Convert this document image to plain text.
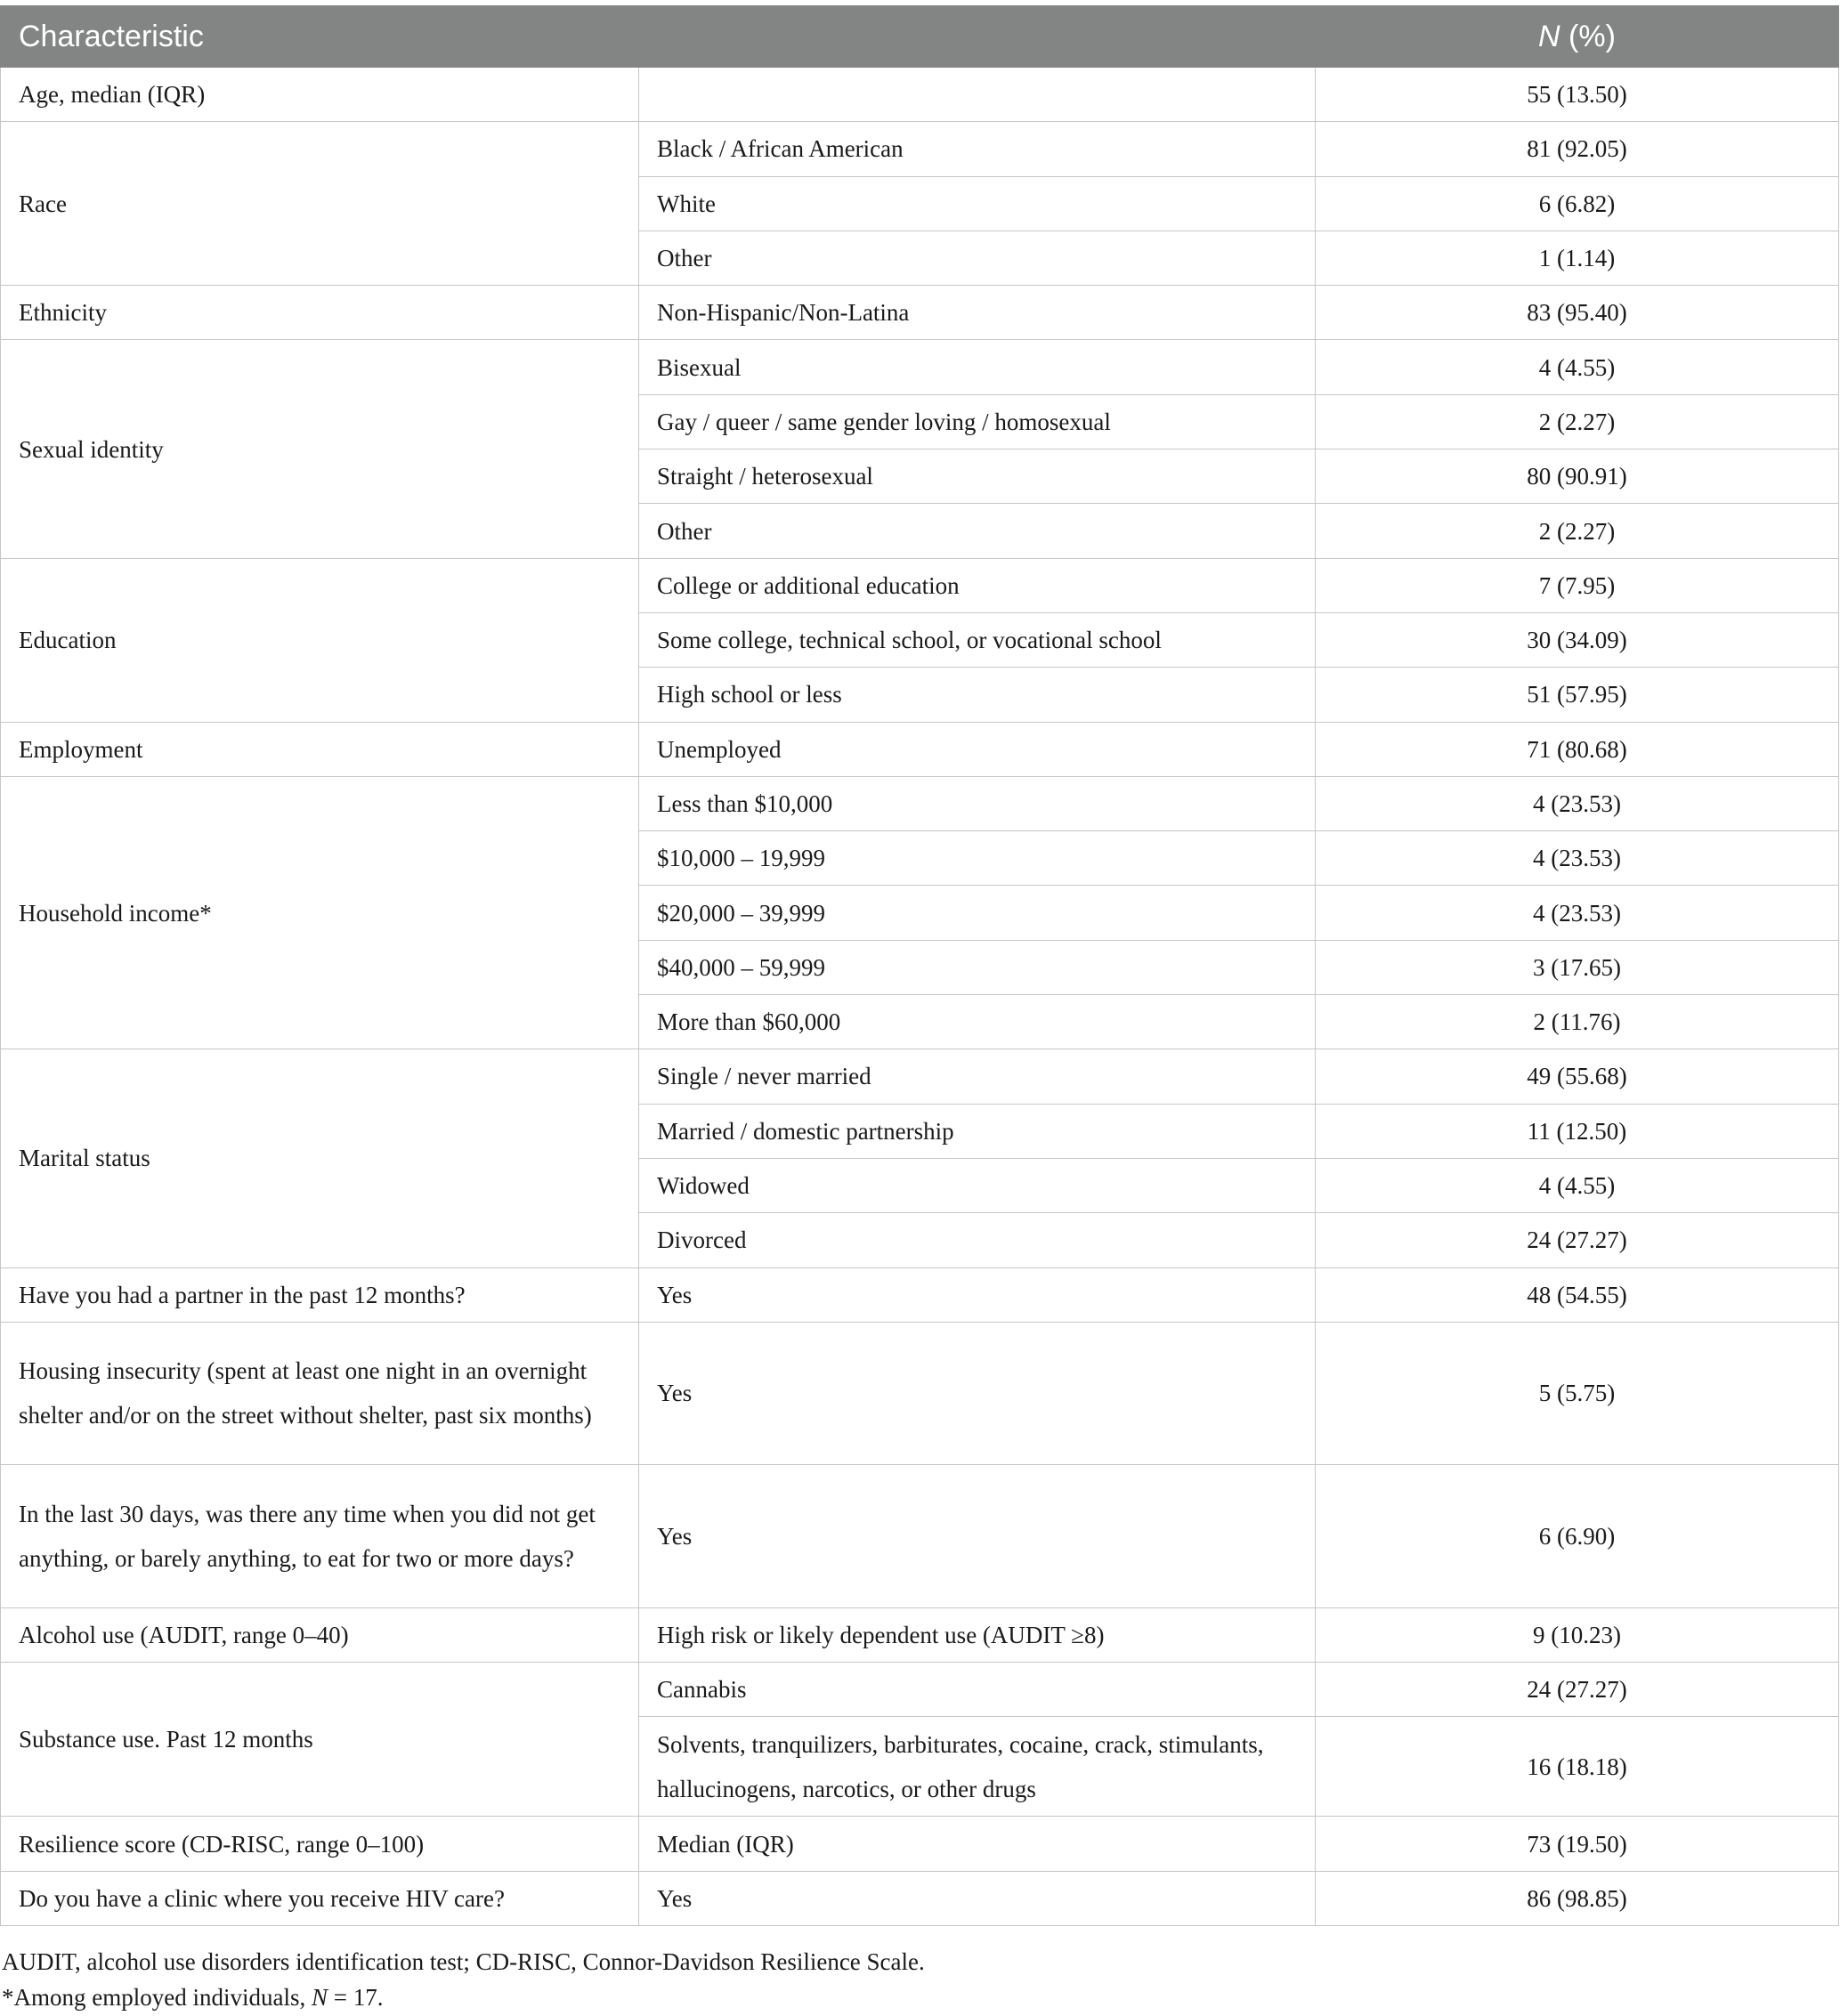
Characteristic		N (%)
Age, median (IQR)		55 (13.50)
Race	Black / African American	81 (92.05)
	White	6 (6.82)
	Other	1 (1.14)
Ethnicity	Non-Hispanic/Non-Latina	83 (95.40)
Sexual identity	Bisexual	4 (4.55)
	Gay / queer / same gender loving / homosexual	2 (2.27)
	Straight / heterosexual	80 (90.91)
	Other	2 (2.27)
Education	College or additional education	7 (7.95)
	Some college, technical school, or vocational school	30 (34.09)
	High school or less	51 (57.95)
Employment	Unemployed	71 (80.68)
Household income*	Less than $10,000	4 (23.53)
	$10,000 – 19,999	4 (23.53)
	$20,000 – 39,999	4 (23.53)
	$40,000 – 59,999	3 (17.65)
	More than $60,000	2 (11.76)
Marital status	Single / never married	49 (55.68)
	Married / domestic partnership	11 (12.50)
	Widowed	4 (4.55)
	Divorced	24 (27.27)
Have you had a partner in the past 12 months?	Yes	48 (54.55)
Housing insecurity (spent at least one night in an overnight shelter and/or on the street without shelter, past six months)	Yes	5 (5.75)
In the last 30 days, was there any time when you did not get anything, or barely anything, to eat for two or more days?	Yes	6 (6.90)
Alcohol use (AUDIT, range 0–40)	High risk or likely dependent use (AUDIT ≥8)	9 (10.23)
Substance use. Past 12 months	Cannabis	24 (27.27)
	Solvents, tranquilizers, barbiturates, cocaine, crack, stimulants, hallucinogens, narcotics, or other drugs	16 (18.18)
Resilience score (CD-RISC, range 0–100)	Median (IQR)	73 (19.50)
Do you have a clinic where you receive HIV care?	Yes	86 (98.85)
AUDIT, alcohol use disorders identification test; CD-RISC, Connor-Davidson Resilience Scale.
*Among employed individuals, N = 17.
